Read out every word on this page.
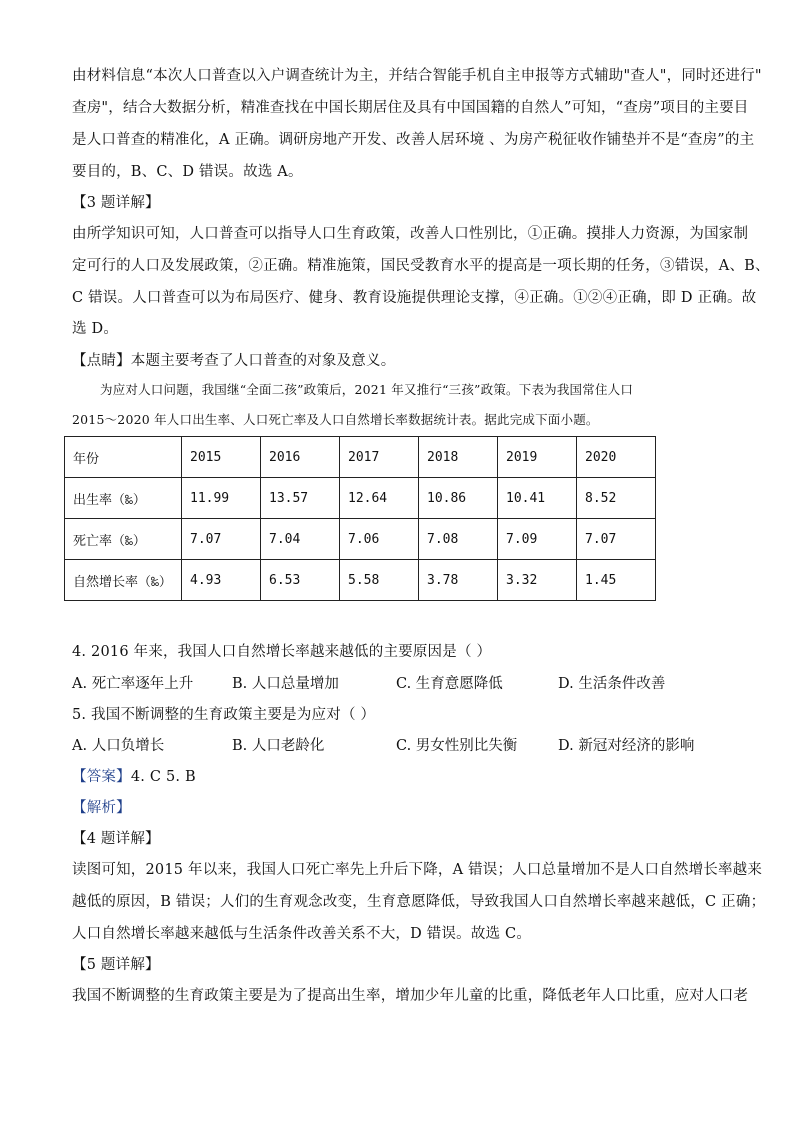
由材料信息“本次人口普查以入户调查统计为主，并结合智能手机自主申报等方式辅助"查人"，同时还进行"
查房"，结合大数据分析，精准查找在中国长期居住及具有中国国籍的自然人”可知，“查房”项目的主要目
是人口普查的精准化，A 正确。调研房地产开发、改善人居环境 、为房产税征收作铺垫并不是“查房”的主
要目的，B、C、D 错误。故选 A。
【3 题详解】
由所学知识可知，人口普查可以指导人口生育政策，改善人口性别比，①正确。摸排人力资源，为国家制
定可行的人口及发展政策，②正确。精准施策，国民受教育水平的提高是一项长期的任务，③错误，A、B、
C 错误。人口普查可以为布局医疗、健身、教育设施提供理论支撑，④正确。①②④正确，即 D 正确。故
选 D。
【点睛】本题主要考查了人口普查的对象及意义。
为应对人口问题，我国继“全面二孩”政策后，2021 年又推行“三孩”政策。下表为我国常住人口
2015～2020 年人口出生率、人口死亡率及人口自然增长率数据统计表。据此完成下面小题。
年份	2015	2016	2017	2018	2019	2020
出生率（‰）	11.99	13.57	12.64	10.86	10.41	8.52
死亡率（‰）	7.07	7.04	7.06	7.08	7.09	7.07
自然增长率（‰）	4.93	6.53	5.58	3.78	3.32	1.45
4. 2016 年来，我国人口自然增长率越来越低的主要原因是（ ）
A. 死亡率逐年上升	B. 人口总量增加	C. 生育意愿降低	D. 生活条件改善
5. 我国不断调整的生育政策主要是为应对（ ）
A. 人口负增长	B. 人口老龄化	C. 男女性别比失衡	D. 新冠对经济的影响
【答案】4. C 5. B
【解析】
【4 题详解】
读图可知，2015 年以来，我国人口死亡率先上升后下降，A 错误；人口总量增加不是人口自然增长率越来
越低的原因，B 错误；人们的生育观念改变，生育意愿降低，导致我国人口自然增长率越来越低，C 正确；
人口自然增长率越来越低与生活条件改善关系不大，D 错误。故选 C。
【5 题详解】
我国不断调整的生育政策主要是为了提高出生率，增加少年儿童的比重，降低老年人口比重，应对人口老
